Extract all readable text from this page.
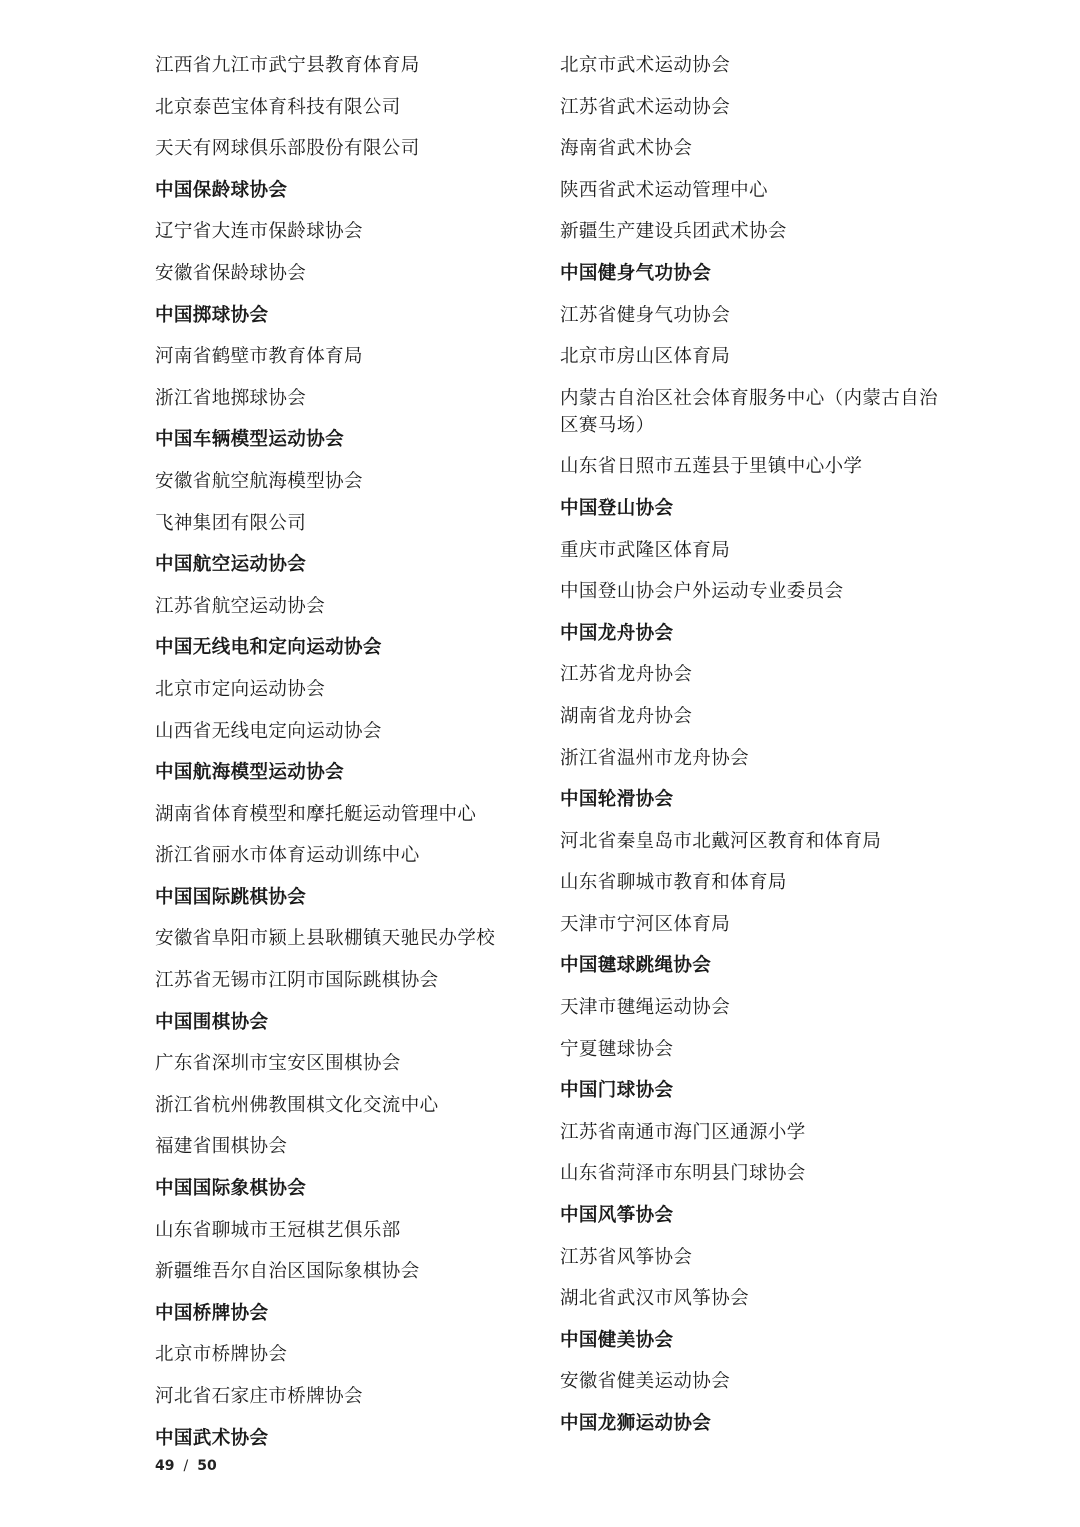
江西省九江市武宁县教育体育局

北京泰芭宝体育科技有限公司

天天有网球俱乐部股份有限公司

中国保龄球协会

辽宁省大连市保龄球协会

安徽省保龄球协会

中国掷球协会

河南省鹤壁市教育体育局

浙江省地掷球协会

中国车辆模型运动协会

安徽省航空航海模型协会

飞神集团有限公司

中国航空运动协会

江苏省航空运动协会

中国无线电和定向运动协会

北京市定向运动协会

山西省无线电定向运动协会

中国航海模型运动协会

湖南省体育模型和摩托艇运动管理中心

浙江省丽水市体育运动训练中心

中国国际跳棋协会

安徽省阜阳市颍上县耿棚镇天驰民办学校

江苏省无锡市江阴市国际跳棋协会

中国围棋协会

广东省深圳市宝安区围棋协会

浙江省杭州佛教围棋文化交流中心

福建省围棋协会

中国国际象棋协会

山东省聊城市王冠棋艺俱乐部

新疆维吾尔自治区国际象棋协会

中国桥牌协会

北京市桥牌协会

河北省石家庄市桥牌协会

中国武术协会

北京市武术运动协会

江苏省武术运动协会

海南省武术协会

陕西省武术运动管理中心

新疆生产建设兵团武术协会

中国健身气功协会

江苏省健身气功协会

北京市房山区体育局

内蒙古自治区社会体育服务中心（内蒙古自治区赛马场）

山东省日照市五莲县于里镇中心小学

中国登山协会

重庆市武隆区体育局

中国登山协会户外运动专业委员会

中国龙舟协会

江苏省龙舟协会

湖南省龙舟协会

浙江省温州市龙舟协会

中国轮滑协会

河北省秦皇岛市北戴河区教育和体育局

山东省聊城市教育和体育局

天津市宁河区体育局

中国毽球跳绳协会

天津市毽绳运动协会

宁夏毽球协会

中国门球协会

江苏省南通市海门区通源小学

山东省菏泽市东明县门球协会

中国风筝协会

江苏省风筝协会

湖北省武汉市风筝协会

中国健美协会

安徽省健美运动协会

中国龙狮运动协会

49 / 50
